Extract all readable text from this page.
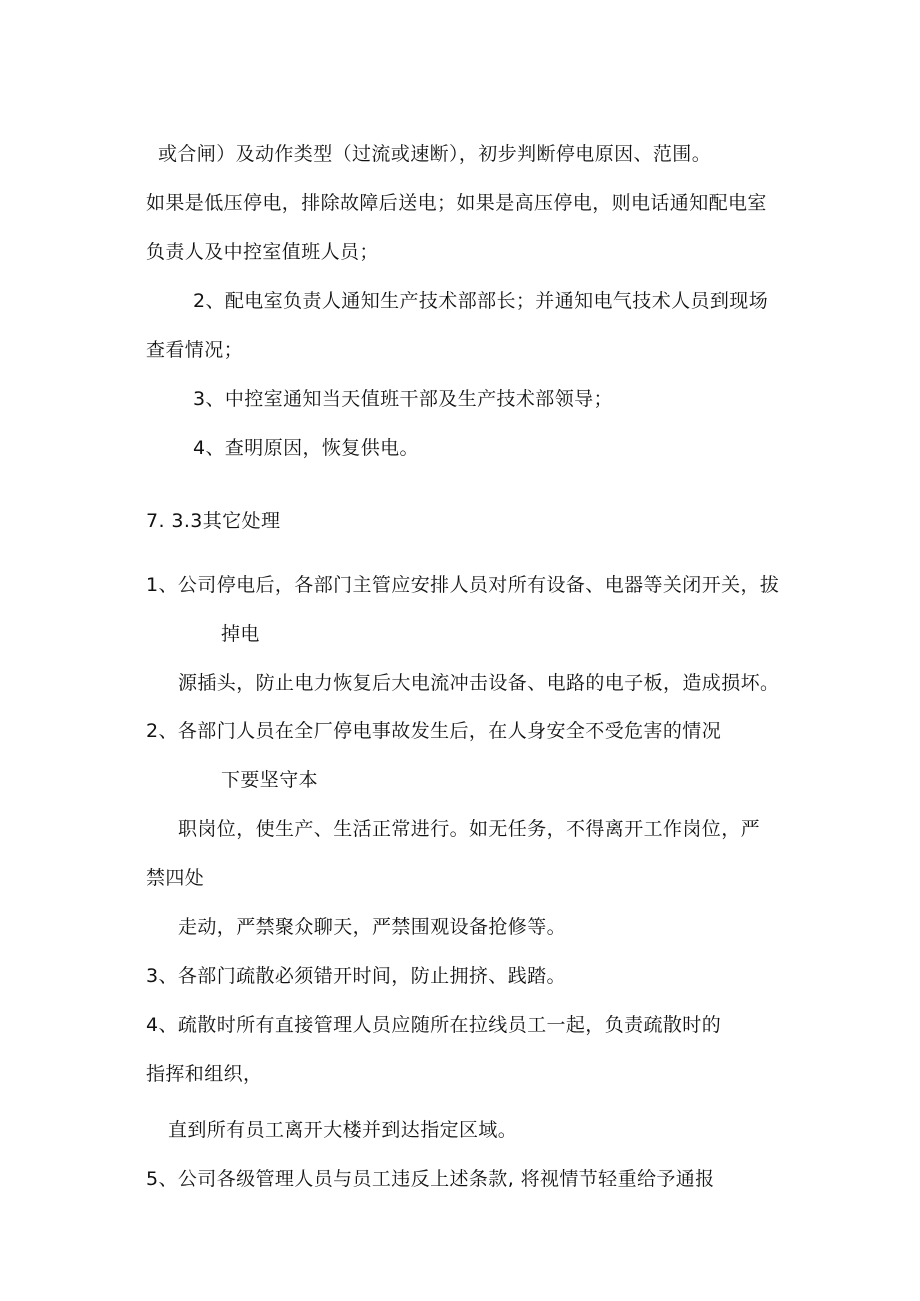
或合闸）及动作类型（过流或速断），初步判断停电原因、范围。
如果是低压停电，排除故障后送电；如果是高压停电，则电话通知配电室
负责人及中控室值班人员；
2、配电室负责人通知生产技术部部长；并通知电气技术人员到现场
查看情况；
3、中控室通知当天值班干部及生产技术部领导；
4、查明原因，恢复供电。
7. 3.3其它处理
1、公司停电后，各部门主管应安排人员对所有设备、电器等关闭开关，拔
掉电
源插头，防止电力恢复后大电流冲击设备、电路的电子板，造成损坏。
2、各部门人员在全厂停电事故发生后，在人身安全不受危害的情况
下要坚守本
职岗位，使生产、生活正常进行。如无任务，不得离开工作岗位，严
禁四处
走动，严禁聚众聊天，严禁围观设备抢修等。
3、各部门疏散必须错开时间，防止拥挤、践踏。
4、疏散时所有直接管理人员应随所在拉线员工一起，负责疏散时的
指挥和组织，
直到所有员工离开大楼并到达指定区域。
5、公司各级管理人员与员工违反上述条款, 将视情节轻重给予通报
